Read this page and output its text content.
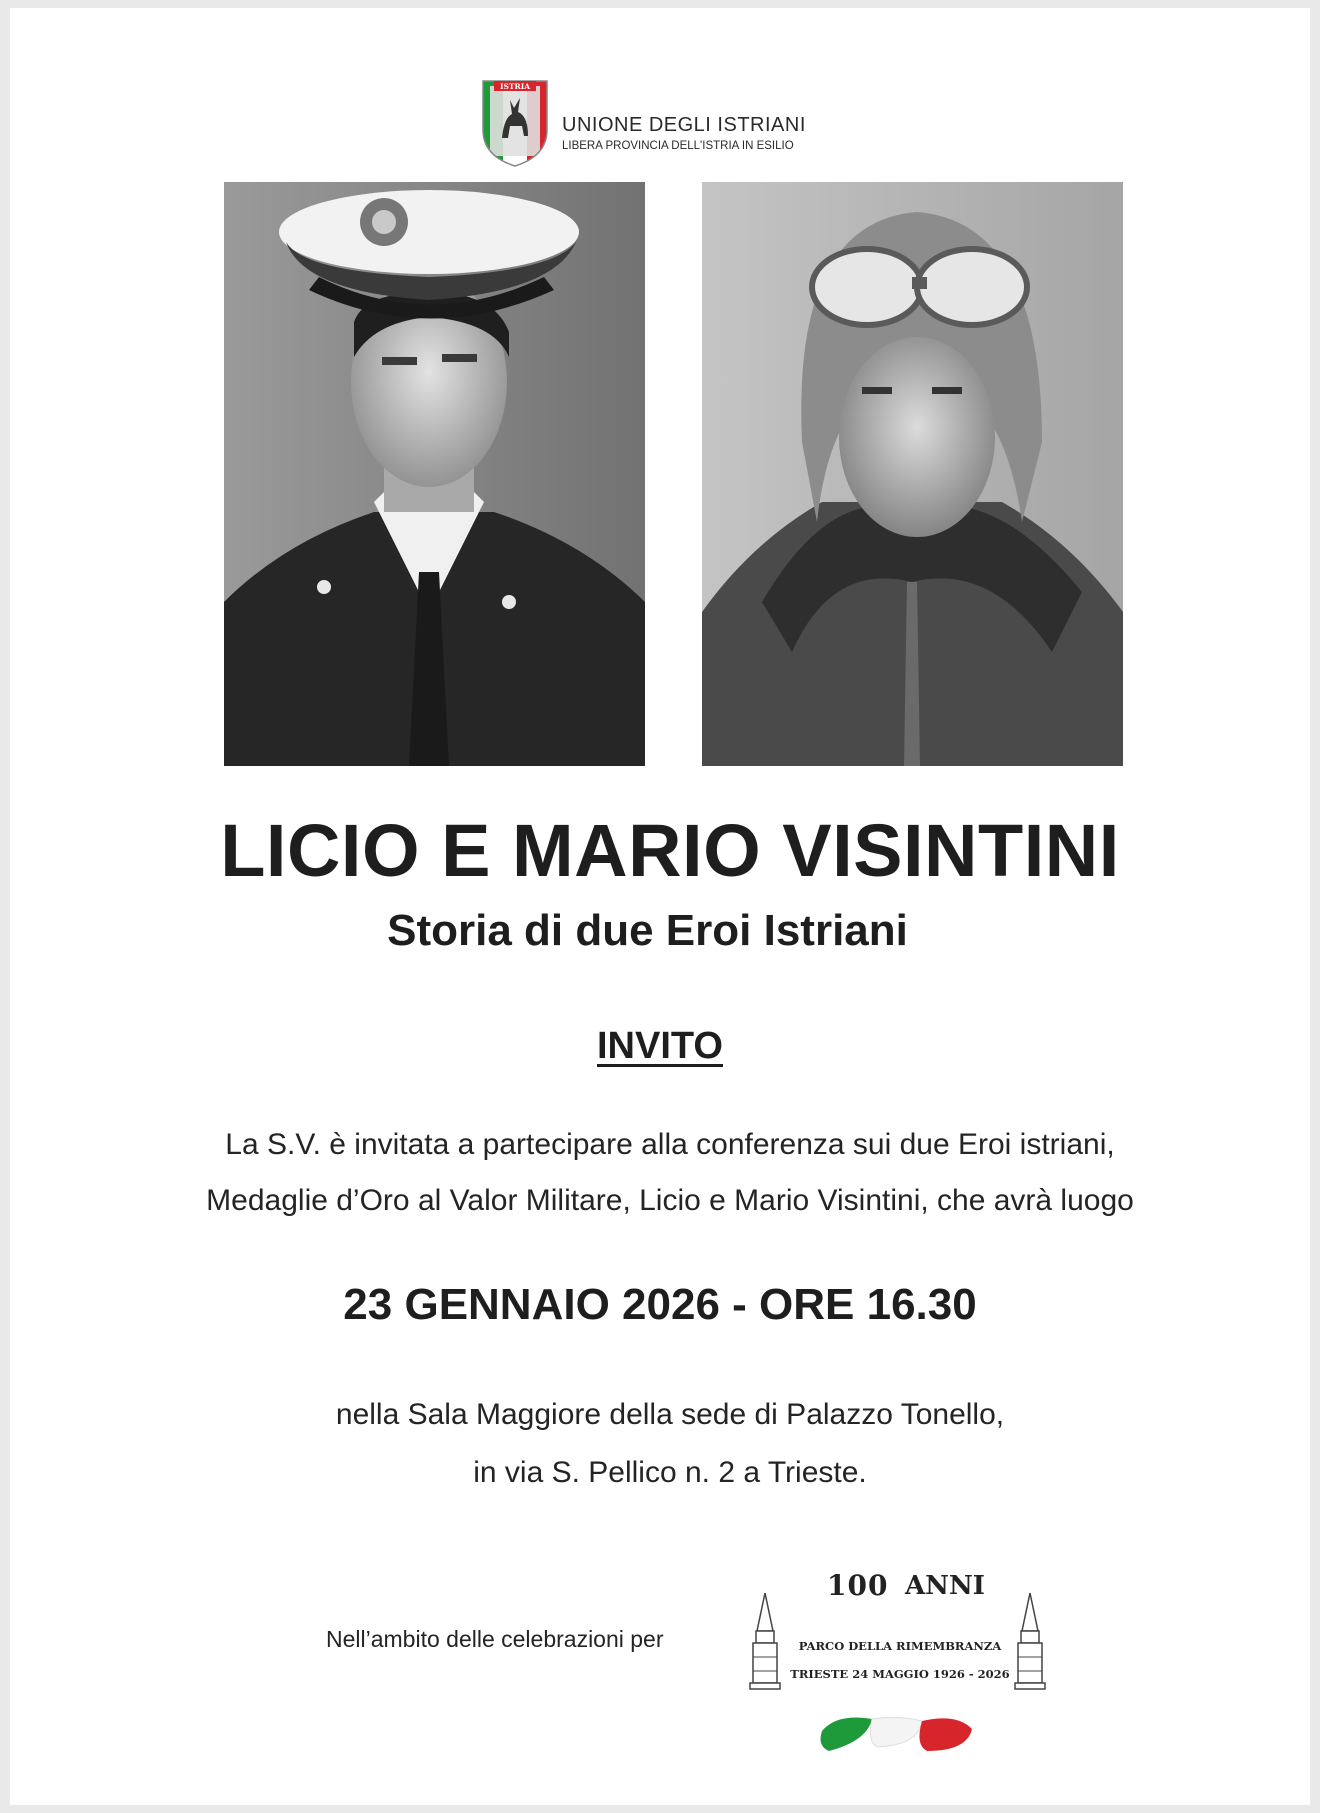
ISTRIA
UNIONE DEGLI ISTRIANI
LIBERA PROVINCIA DELL'ISTRIA IN ESILIO
LICIO E MARIO VISINTINI
Storia di due Eroi Istriani
INVITO
La S.V. è invitata a partecipare alla conferenza sui due Eroi istriani,
Medaglie d’Oro al Valor Militare, Licio e Mario Visintini, che avrà luogo
23 GENNAIO 2026 - ORE 16.30
nella Sala Maggiore della sede di Palazzo Tonello,
in via S. Pellico n. 2 a Trieste.
Nell’ambito delle celebrazioni per
100 ANNI
PARCO DELLA RIMEMBRANZA
TRIESTE 24 MAGGIO 1926 - 2026
